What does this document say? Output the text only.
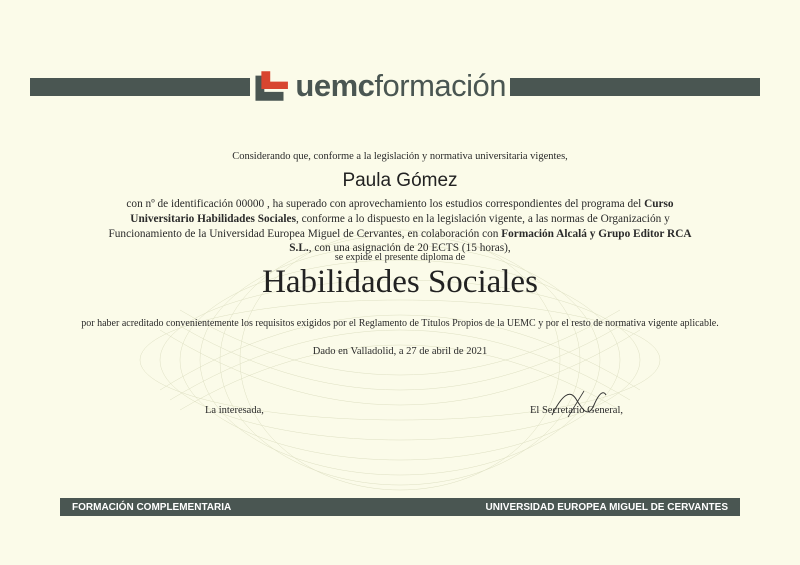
uemcformación
Considerando que, conforme a la legislación y normativa universitaria vigentes,
Paula Gómez
con nº de identificación 00000 , ha superado con aprovechamiento los estudios correspondientes del programa del Curso Universitario Habilidades Sociales, conforme a lo dispuesto en la legislación vigente, a las normas de Organización y Funcionamiento de la Universidad Europea Miguel de Cervantes, en colaboración con Formación Alcalá y Grupo Editor RCA S.L., con una asignación de 20 ECTS (15 horas),
se expide el presente diploma de
Habilidades Sociales
por haber acreditado convenientemente los requisitos exigidos por el Reglamento de Títulos Propios de la UEMC y por el resto de normativa vigente aplicable.
Dado en Valladolid, a 27 de abril de 2021
La interesada,	El Secretario General,
FORMACIÓN COMPLEMENTARIA	UNIVERSIDAD EUROPEA MIGUEL DE CERVANTES
